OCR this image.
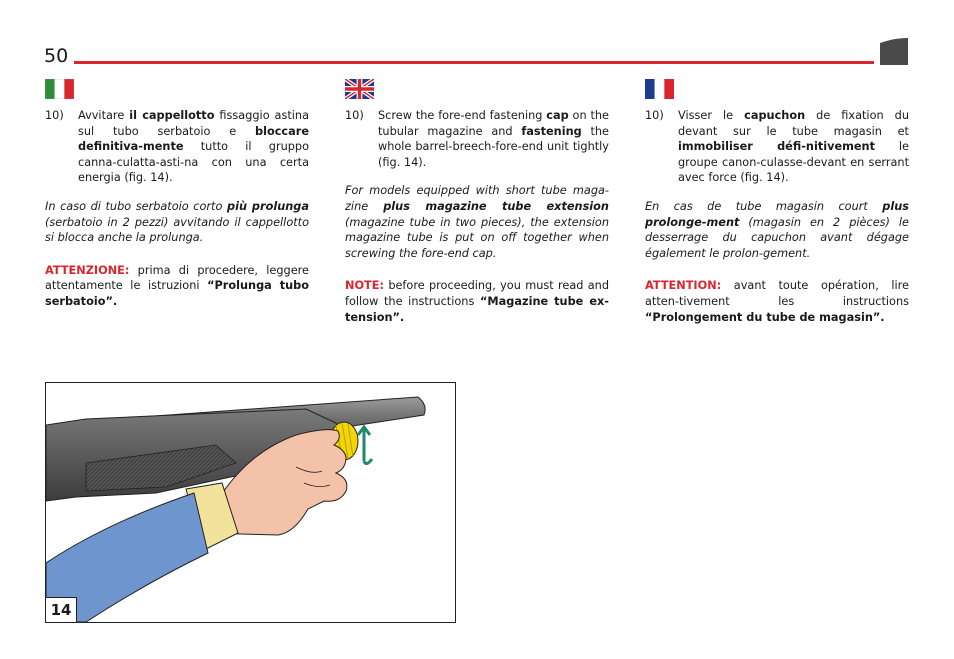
50

10)	Avvitare il cappellotto fissaggio astina sul tubo serbatoio e bloccare definitiva-mente tutto il gruppo canna-culatta-asti-na con una certa energia (fig. 14).

In caso di tubo serbatoio corto più prolunga (serbatoio in 2 pezzi) avvitando il cappellotto si blocca anche la prolunga.

ATTENZIONE: prima di procedere, leggere attentamente le istruzioni “Prolunga tubo serbatoio”.

10)	Screw the fore-end fastening cap on the tubular magazine and fastening the whole barrel-breech-fore-end unit tightly (fig. 14).

For models equipped with short tube maga-zine plus magazine tube extension (magazine tube in two pieces), the extension magazine tube is put on off together when screwing the fore-end cap.

NOTE: before proceeding, you must read and follow the instructions “Magazine tube ex-tension”.

10)	Visser le capuchon de fixation du devant sur le tube magasin et immobiliser défi-nitivement le groupe canon-culasse-devant en serrant avec force (fig. 14).

En cas de tube magasin court plus prolonge-ment (magasin en 2 pièces) le desserrage du capuchon avant dégage également le prolon-gement.

ATTENTION: avant toute opération, lire atten-tivement les instructions “Prolongement du tube de magasin”.

14
